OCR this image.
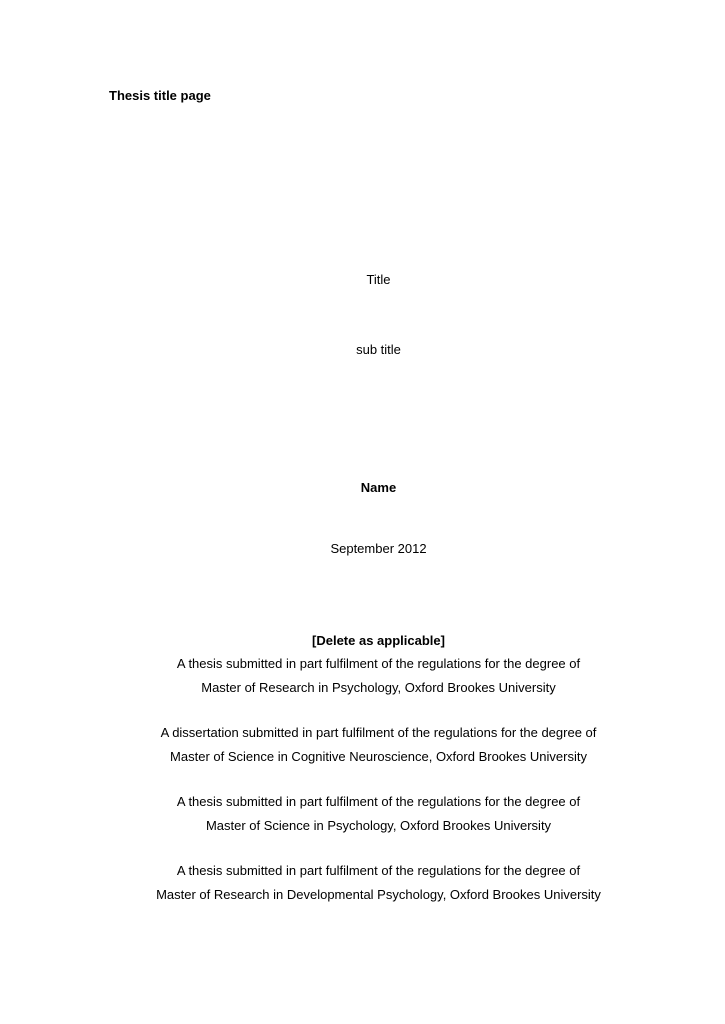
Thesis title page
Title
sub title
Name
September 2012
[Delete as applicable]
A thesis submitted in part fulfilment of the regulations for the degree of
Master of Research in Psychology, Oxford Brookes University
A dissertation submitted in part fulfilment of the regulations for the degree of
Master of Science in Cognitive Neuroscience, Oxford Brookes University
A thesis submitted in part fulfilment of the regulations for the degree of
Master of Science in Psychology, Oxford Brookes University
A thesis submitted in part fulfilment of the regulations for the degree of
Master of Research in Developmental Psychology, Oxford Brookes University
